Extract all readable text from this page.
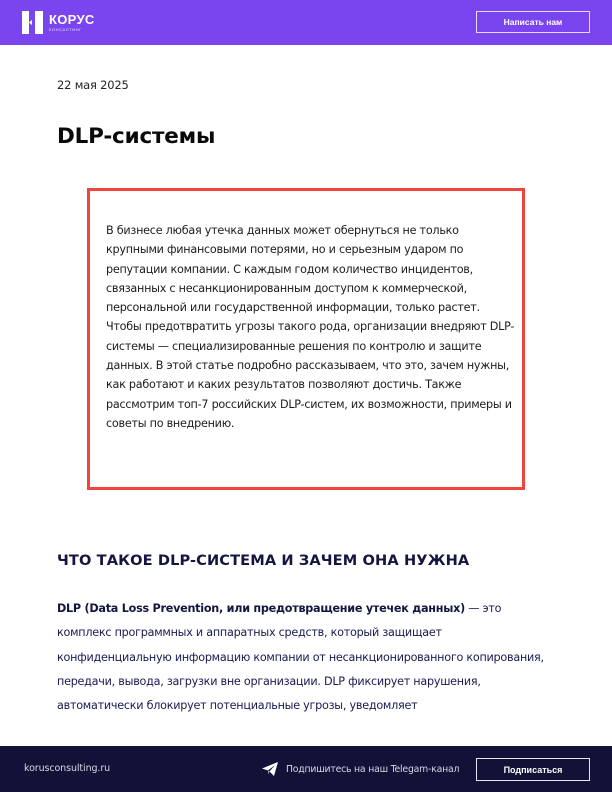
КОРУС
КОНСАЛТИНГ
Написать нам
22 мая 2025
DLP-системы

В бизнесе любая утечка данных может обернуться не только крупными финансовыми потерями, но и серьезным ударом по репутации компании. С каждым годом количество инцидентов, связанных с несанкционированным доступом к коммерческой, персональной или государственной информации, только растет. Чтобы предотвратить угрозы такого рода, организации внедряют DLP-системы — специализированные решения по контролю и защите данных. В этой статье подробно рассказываем, что это, зачем нужны, как работают и каких результатов позволяют достичь. Также рассмотрим топ-7 российских DLP-систем, их возможности, примеры и советы по внедрению.

ЧТО ТАКОЕ DLP-СИСТЕМА И ЗАЧЕМ ОНА НУЖНА

DLP (Data Loss Prevention, или предотвращение утечек данных) — это комплекс программных и аппаратных средств, который защищает конфиденциальную информацию компании от несанкционированного копирования, передачи, вывода, загрузки вне организации. DLP фиксирует нарушения, автоматически блокирует потенциальные угрозы, уведомляет

korusconsulting.ru	Подпишитесь на наш Telegam-канал	Подписаться
